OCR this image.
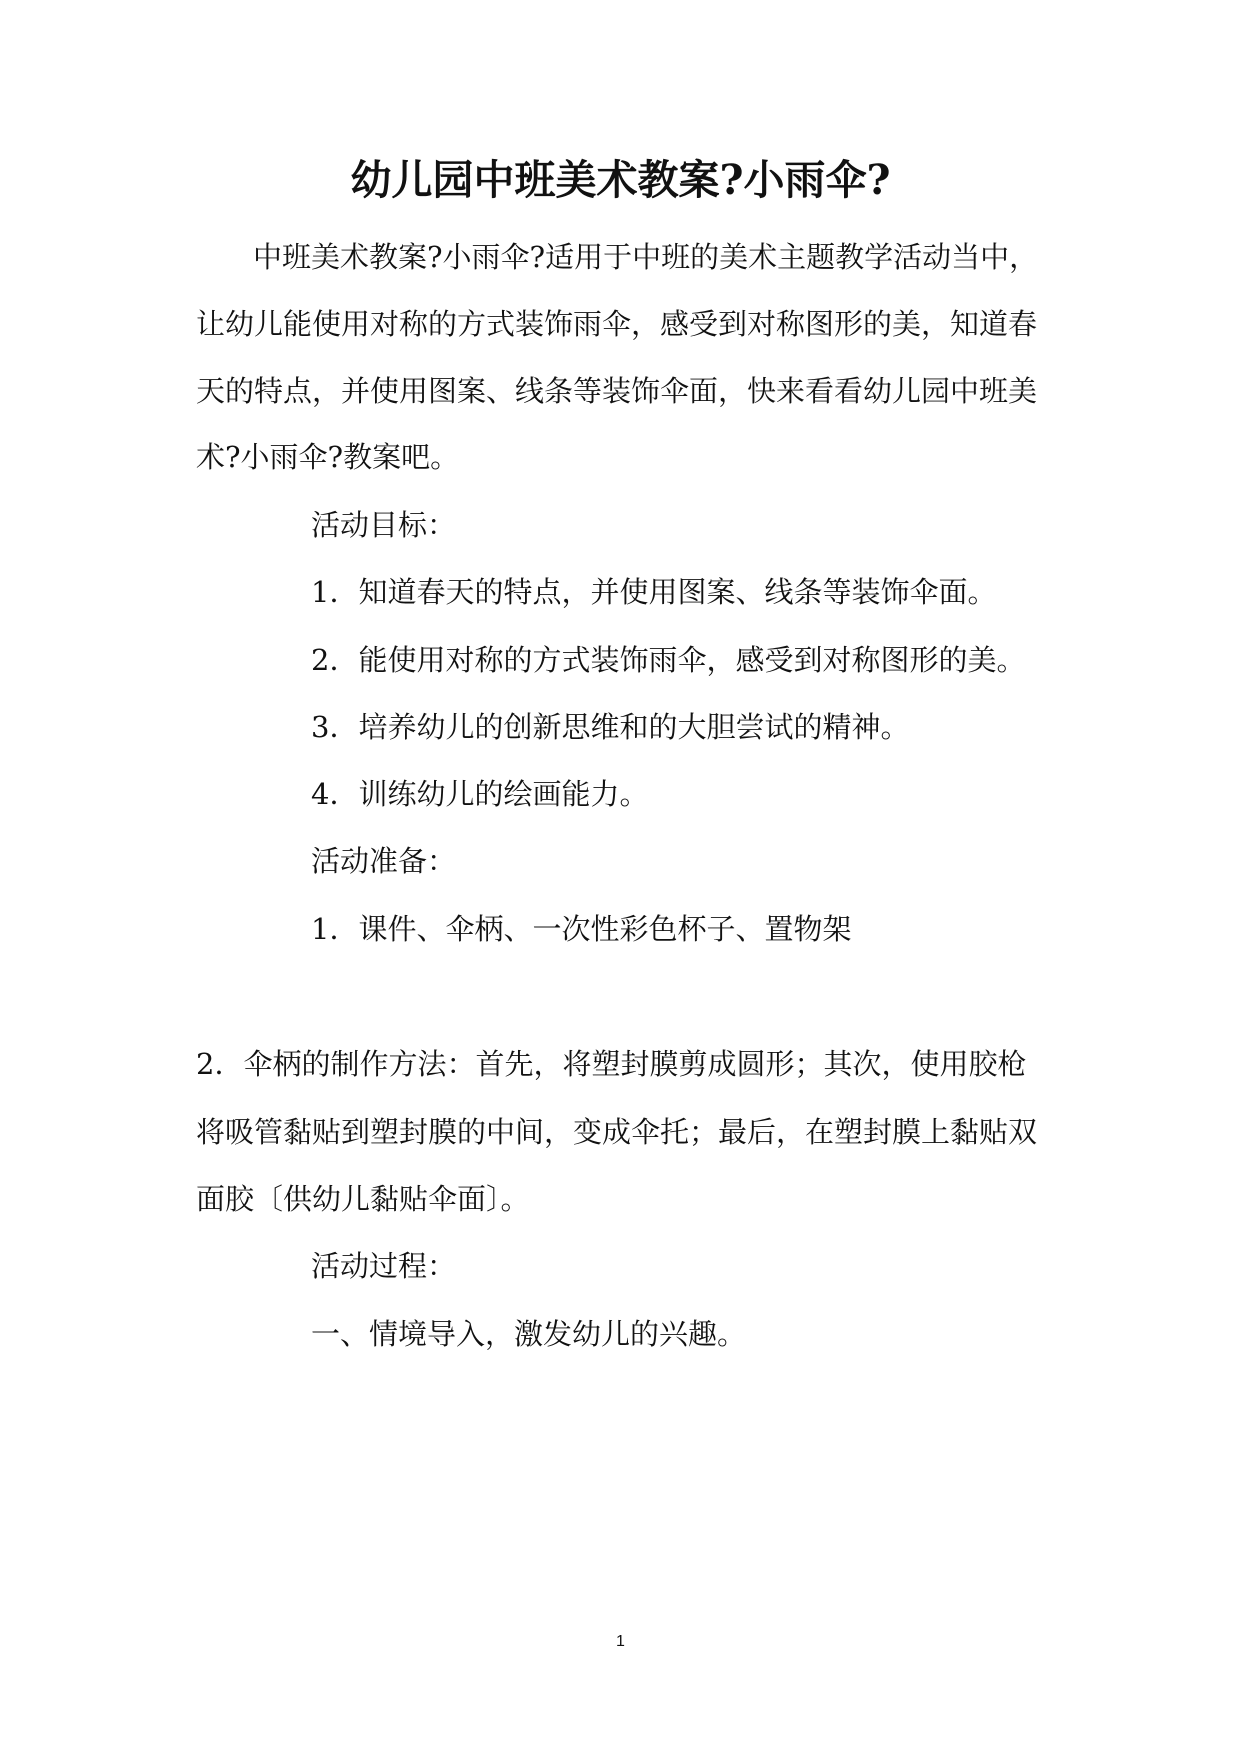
幼儿园中班美术教案?小雨伞?
中班美术教案?小雨伞?适用于中班的美术主题教学活动当中，
让幼儿能使用对称的方式装饰雨伞，感受到对称图形的美，知道春
天的特点，并使用图案、线条等装饰伞面，快来看看幼儿园中班美
术?小雨伞?教案吧。
活动目标：
1．知道春天的特点，并使用图案、线条等装饰伞面。
2．能使用对称的方式装饰雨伞，感受到对称图形的美。
3．培养幼儿的创新思维和的大胆尝试的精神。
4．训练幼儿的绘画能力。
活动准备：
1．课件、伞柄、一次性彩色杯子、置物架
2．伞柄的制作方法：首先，将塑封膜剪成圆形；其次，使用胶枪
将吸管黏贴到塑封膜的中间，变成伞托；最后，在塑封膜上黏贴双
面胶〔供幼儿黏贴伞面〕。
活动过程：
一、情境导入，激发幼儿的兴趣。
1
